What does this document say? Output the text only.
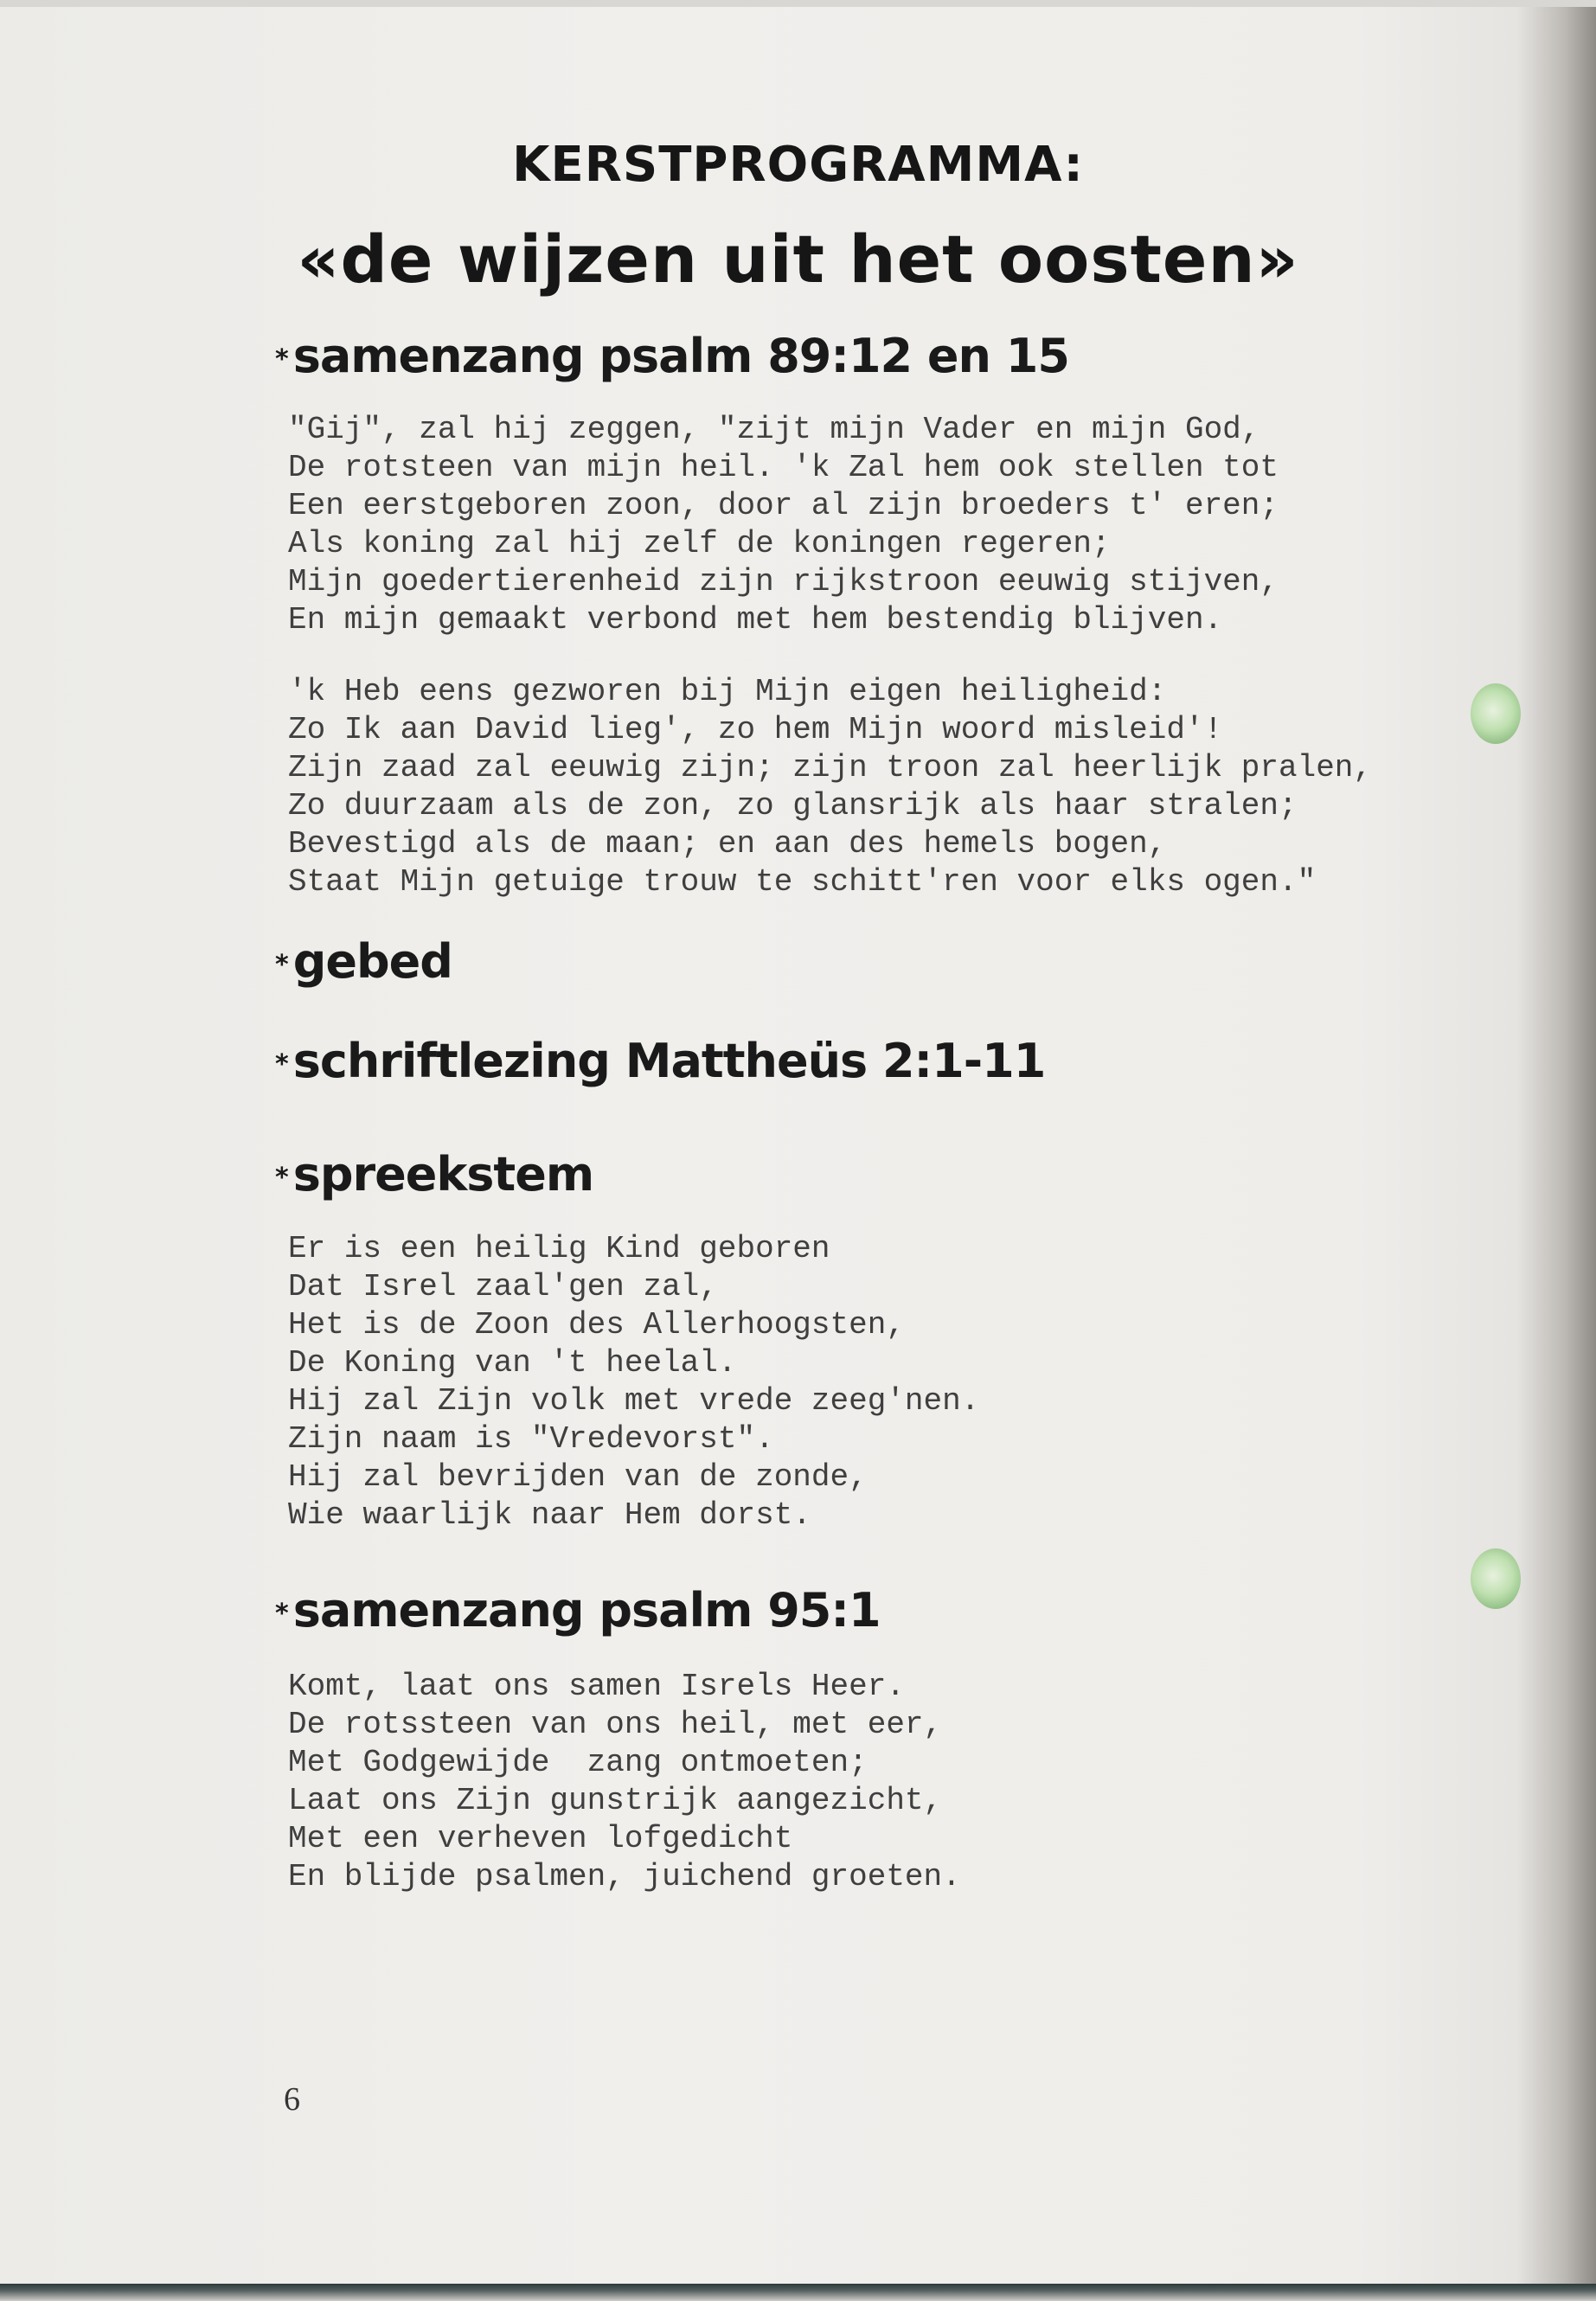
KERSTPROGRAMMA:
«de wijzen uit het oosten»
* samenzang psalm 89:12 en 15
"Gij", zal hij zeggen, "zijt mijn Vader en mijn God,
De rotsteen van mijn heil. 'k Zal hem ook stellen tot
Een eerstgeboren zoon, door al zijn broeders t' eren;
Als koning zal hij zelf de koningen regeren;
Mijn goedertierenheid zijn rijkstroon eeuwig stijven,
En mijn gemaakt verbond met hem bestendig blijven.
'k Heb eens gezworen bij Mijn eigen heiligheid:
Zo Ik aan David lieg', zo hem Mijn woord misleid'!
Zijn zaad zal eeuwig zijn; zijn troon zal heerlijk pralen,
Zo duurzaam als de zon, zo glansrijk als haar stralen;
Bevestigd als de maan; en aan des hemels bogen,
Staat Mijn getuige trouw te schitt'ren voor elks ogen."
* gebed
* schriftlezing Mattheüs 2:1-11
* spreekstem
Er is een heilig Kind geboren
Dat Isrel zaal'gen zal,
Het is de Zoon des Allerhoogsten,
De Koning van 't heelal.
Hij zal Zijn volk met vrede zeeg'nen.
Zijn naam is "Vredevorst".
Hij zal bevrijden van de zonde,
Wie waarlijk naar Hem dorst.
* samenzang psalm 95:1
Komt, laat ons samen Isrels Heer.
De rotssteen van ons heil, met eer,
Met Godgewijde  zang ontmoeten;
Laat ons Zijn gunstrijk aangezicht,
Met een verheven lofgedicht
En blijde psalmen, juichend groeten.
6
